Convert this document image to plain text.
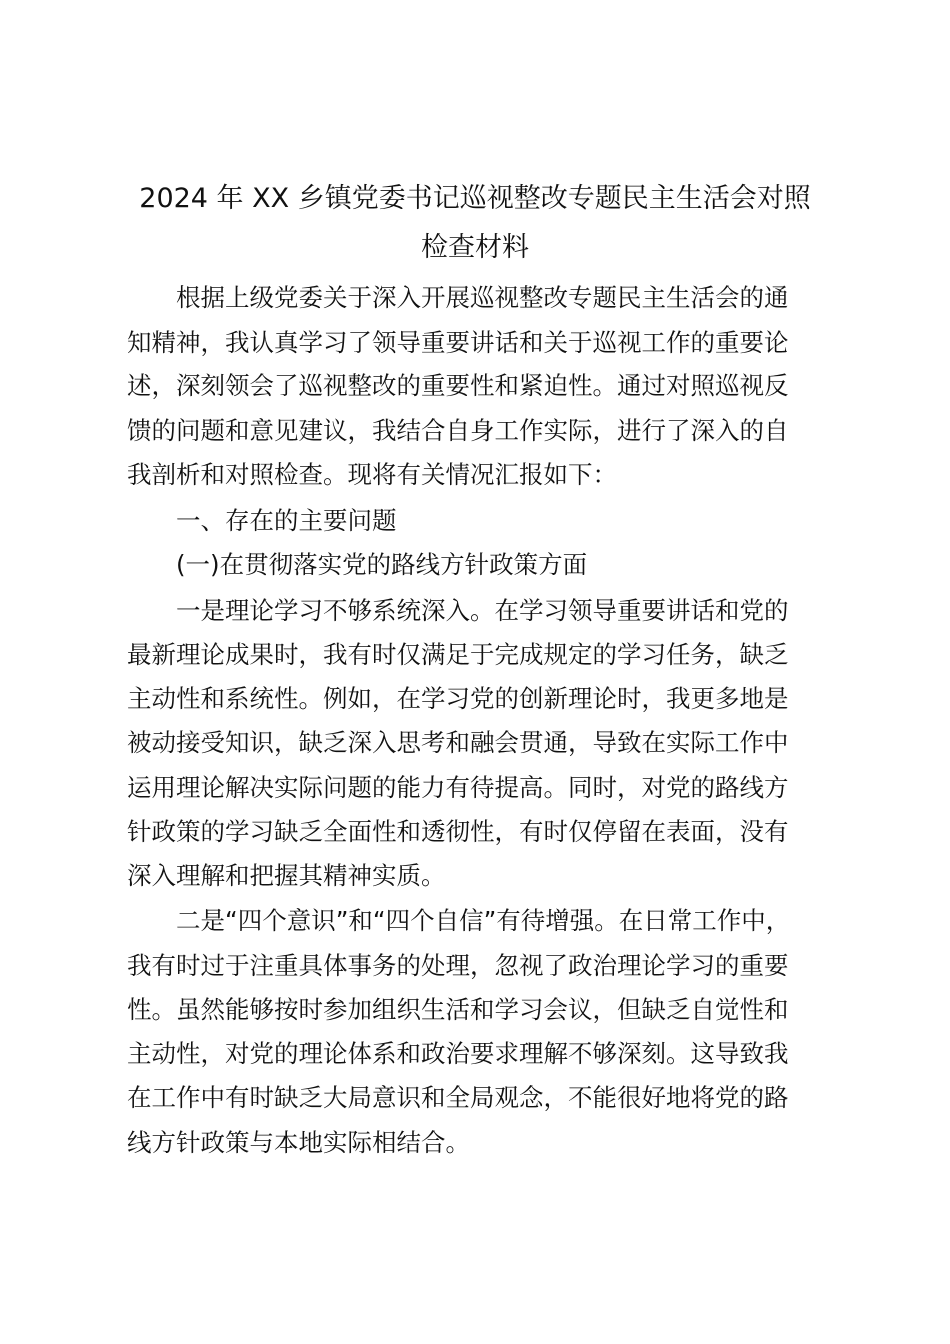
2024 年 XX 乡镇党委书记巡视整改专题民主生活会对照
检查材料
根据上级党委关于深入开展巡视整改专题民主生活会的通
知精神，我认真学习了领导重要讲话和关于巡视工作的重要论
述，深刻领会了巡视整改的重要性和紧迫性。通过对照巡视反
馈的问题和意见建议，我结合自身工作实际，进行了深入的自
我剖析和对照检查。现将有关情况汇报如下：
一、存在的主要问题
(一)在贯彻落实党的路线方针政策方面
一是理论学习不够系统深入。在学习领导重要讲话和党的
最新理论成果时，我有时仅满足于完成规定的学习任务，缺乏
主动性和系统性。例如，在学习党的创新理论时，我更多地是
被动接受知识，缺乏深入思考和融会贯通，导致在实际工作中
运用理论解决实际问题的能力有待提高。同时，对党的路线方
针政策的学习缺乏全面性和透彻性，有时仅停留在表面，没有
深入理解和把握其精神实质。
二是“四个意识”和“四个自信”有待增强。在日常工作中，
我有时过于注重具体事务的处理，忽视了政治理论学习的重要
性。虽然能够按时参加组织生活和学习会议，但缺乏自觉性和
主动性，对党的理论体系和政治要求理解不够深刻。这导致我
在工作中有时缺乏大局意识和全局观念，不能很好地将党的路
线方针政策与本地实际相结合。
